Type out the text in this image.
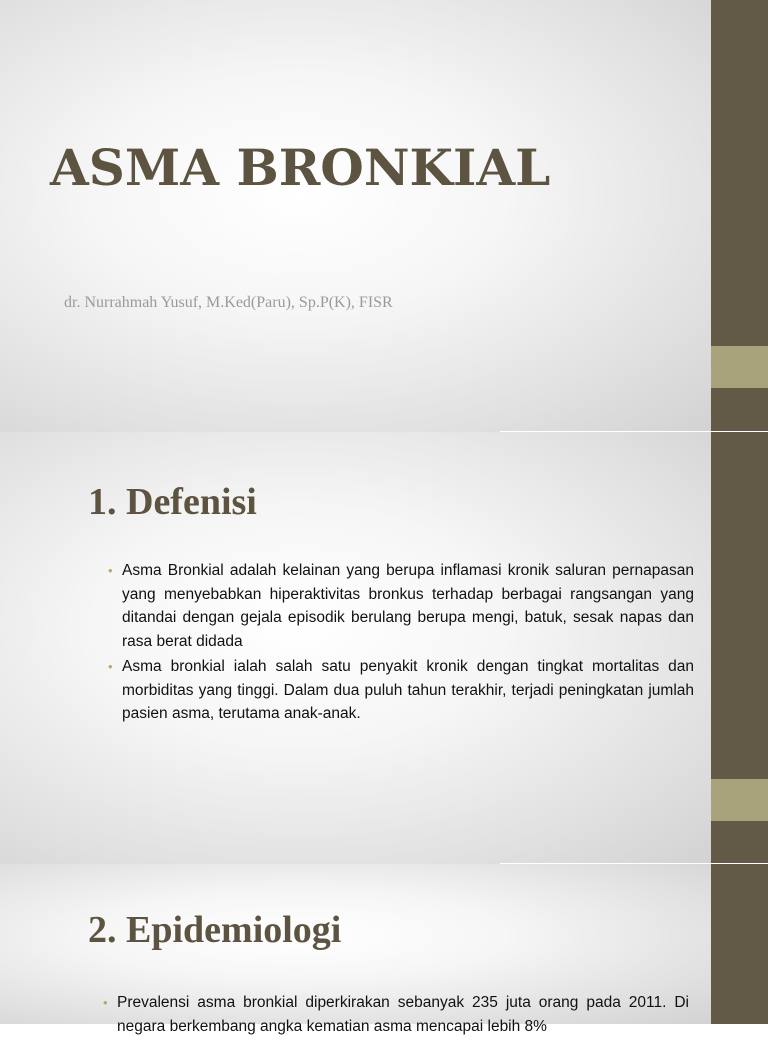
ASMA BRONKIAL

dr. Nurrahmah Yusuf, M.Ked(Paru), Sp.P(K), FISR

1. Defenisi
• Asma Bronkial adalah kelainan yang berupa inflamasi kronik saluran pernapasan yang menyebabkan hiperaktivitas bronkus terhadap berbagai rangsangan yang ditandai dengan gejala episodik berulang berupa mengi, batuk, sesak napas dan rasa berat didada
• Asma bronkial ialah salah satu penyakit kronik dengan tingkat mortalitas dan morbiditas yang tinggi. Dalam dua puluh tahun terakhir, terjadi peningkatan jumlah pasien asma, terutama anak-anak.
2. Epidemiologi
• Prevalensi asma bronkial diperkirakan sebanyak 235 juta orang pada 2011. Di negara berkembang angka kematian asma mencapai lebih 8%
